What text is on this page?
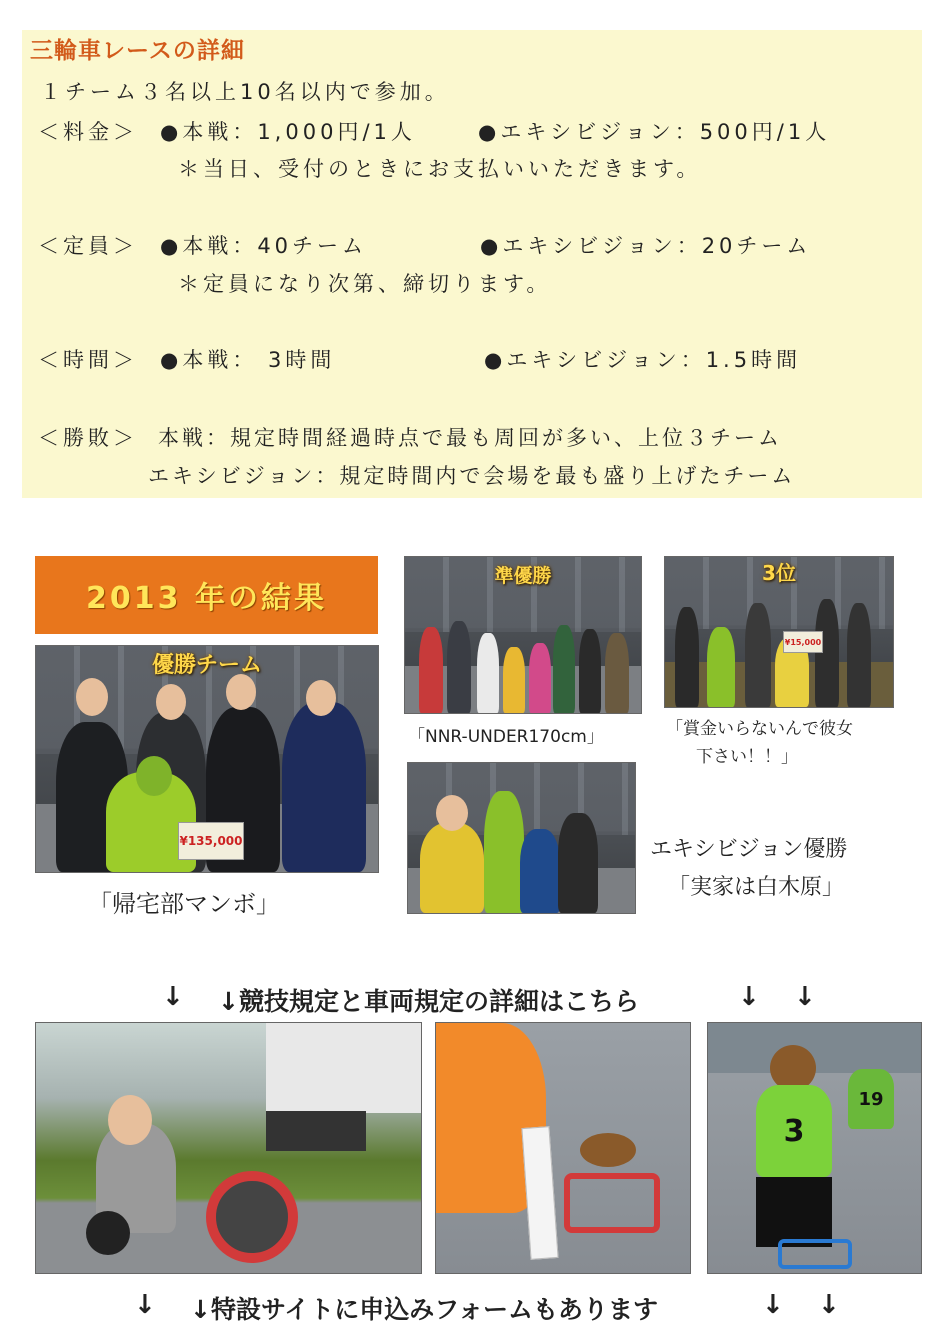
三輪車レースの詳細
１チーム３名以上10名以内で参加。
＜料金＞ ●本戦：1,000円/1人	●エキシビジョン：500円/1人
＊当日、受付のときにお支払いいただきます。
＜定員＞ ●本戦：40チーム	●エキシビジョン：20チーム
＊定員になり次第、締切ります。
＜時間＞ ●本戦： 3時間	●エキシビジョン：1.5時間
＜勝敗＞ 本戦：規定時間経過時点で最も周回が多い、上位３チーム
エキシビジョン：規定時間内で会場を最も盛り上げたチーム
2013 年の結果
¥135,000
優勝チーム
「帰宅部マンボ」
準優勝
「NNR-UNDER170cm」
¥15,000
3位
「賞金いらないんで彼女
下さい！！」
エキシビジョン優勝
「実家は白木原」
↓ ↓競技規定と車両規定の詳細はこちら	↓ ↓
3
19
↓ ↓特設サイトに申込みフォームもあります	↓ ↓
